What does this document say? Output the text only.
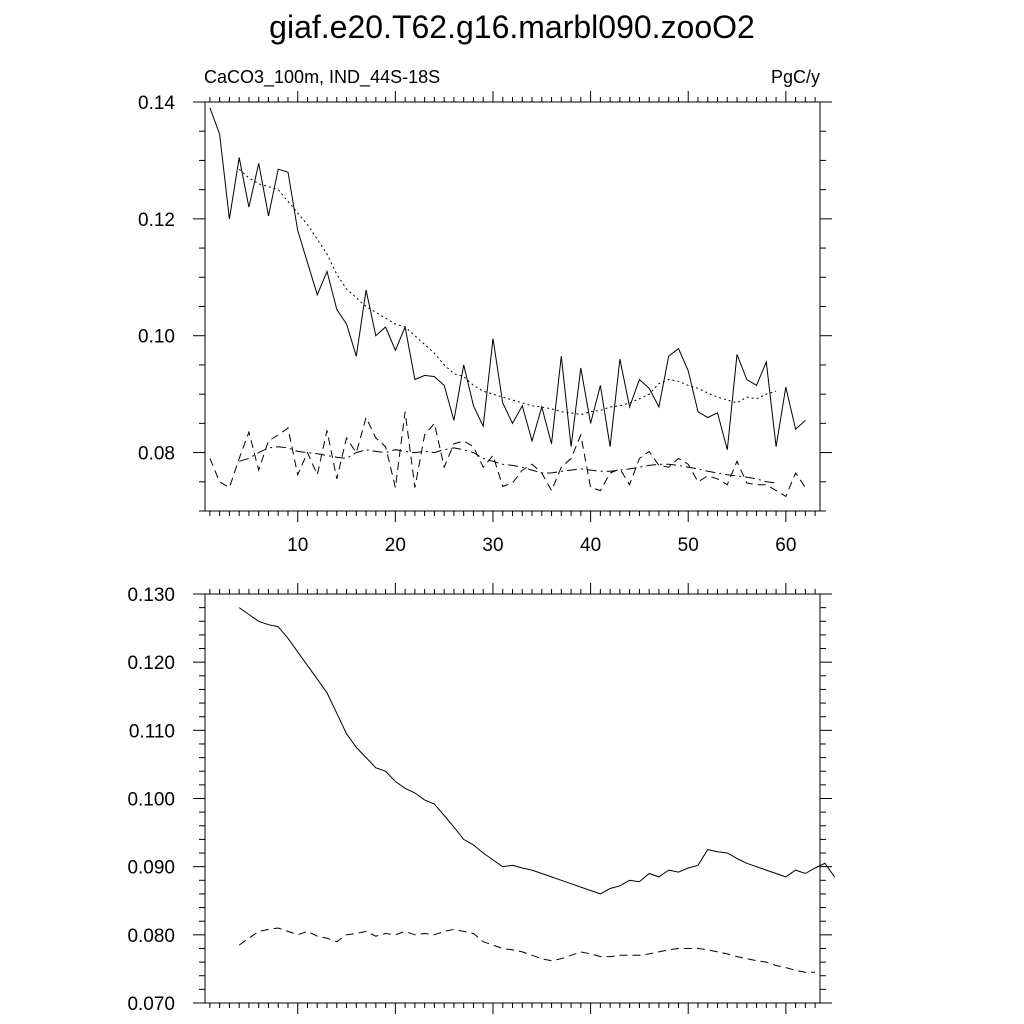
giaf.e20.T62.g16.marbl090.zooO2
CaCO3_100m, IND_44S-18S	PgC/y
10	20	30	40	50	60
0.08
0.10
0.12
0.14
0.070
0.080
0.090
0.100
0.110
0.120
0.130
